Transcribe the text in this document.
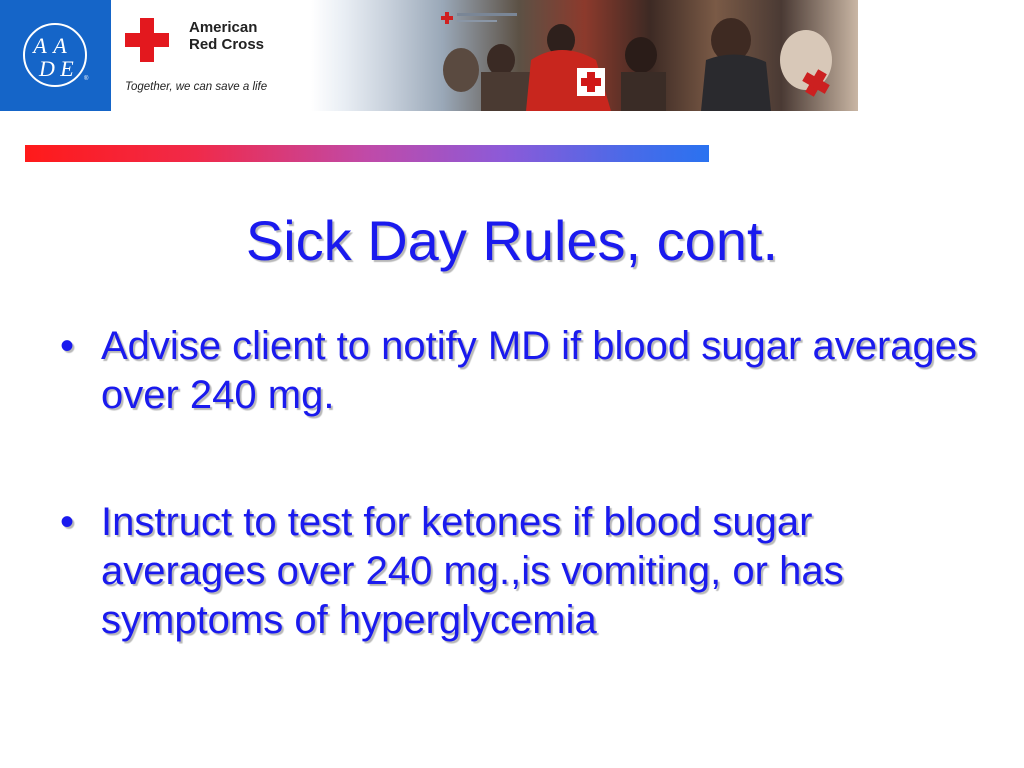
A A
D E ®
American
Red Cross
Together, we can save a life
Sick Day Rules, cont.
• Advise client to notify MD if blood sugar averages over 240 mg.
• Instruct to test for ketones if blood sugar averages over 240 mg.,is vomiting, or has symptoms of hyperglycemia
